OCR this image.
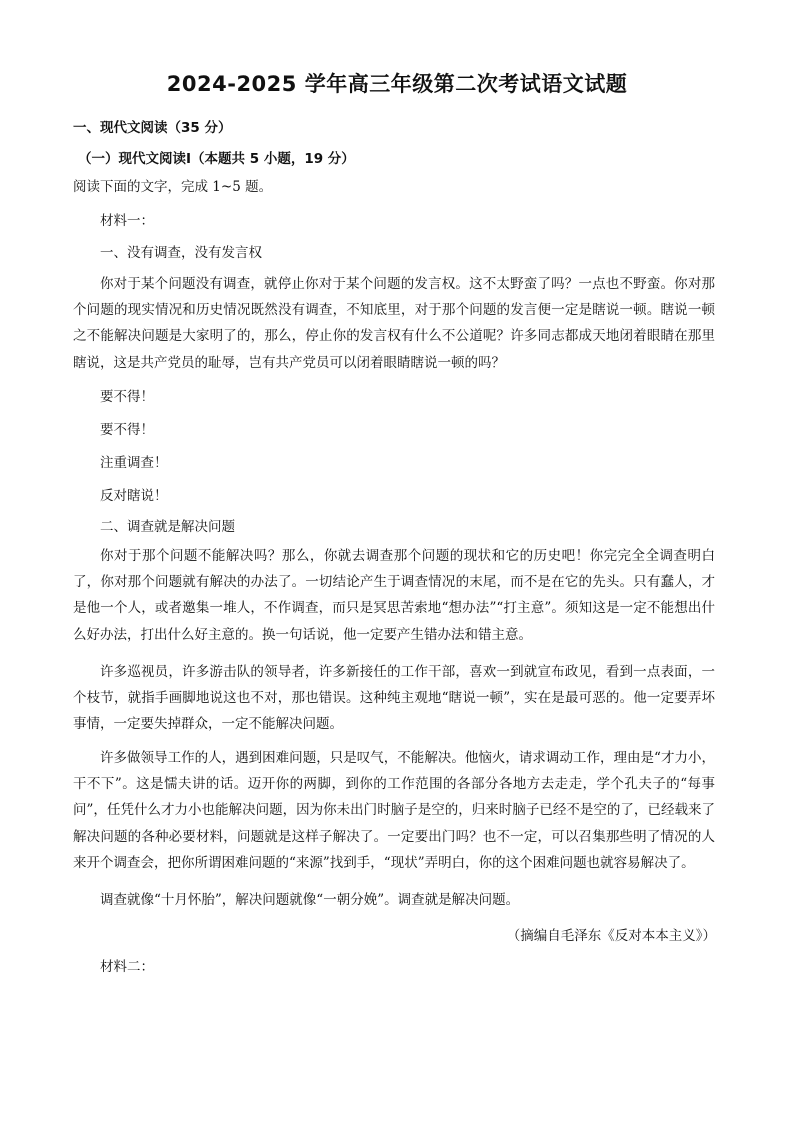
2024-2025 学年高三年级第二次考试语文试题
一、现代文阅读（35 分）
（一）现代文阅读Ⅰ（本题共 5 小题，19 分）
阅读下面的文字，完成 1~5 题。
材料一：
一、没有调查，没有发言权
你对于某个问题没有调查，就停止你对于某个问题的发言权。这不太野蛮了吗？一点也不野蛮。你对那个问题的现实情况和历史情况既然没有调查，不知底里，对于那个问题的发言便一定是瞎说一顿。瞎说一顿之不能解决问题是大家明了的，那么，停止你的发言权有什么不公道呢？许多同志都成天地闭着眼睛在那里瞎说，这是共产党员的耻辱，岂有共产党员可以闭着眼睛瞎说一顿的吗？
要不得！
要不得！
注重调查！
反对瞎说！
二、调查就是解决问题
你对于那个问题不能解决吗？那么，你就去调查那个问题的现状和它的历史吧！你完完全全调查明白了，你对那个问题就有解决的办法了。一切结论产生于调查情况的末尾，而不是在它的先头。只有蠢人，才是他一个人，或者邀集一堆人，不作调查，而只是冥思苦索地“想办法”“打主意”。须知这是一定不能想出什么好办法，打出什么好主意的。换一句话说，他一定要产生错办法和错主意。
许多巡视员，许多游击队的领导者，许多新接任的工作干部，喜欢一到就宣布政见，看到一点表面，一个枝节，就指手画脚地说这也不对，那也错误。这种纯主观地“瞎说一顿”，实在是最可恶的。他一定要弄坏事情，一定要失掉群众，一定不能解决问题。
许多做领导工作的人，遇到困难问题，只是叹气，不能解决。他恼火，请求调动工作，理由是“才力小，干不下”。这是懦夫讲的话。迈开你的两脚，到你的工作范围的各部分各地方去走走，学个孔夫子的“每事问”，任凭什么才力小也能解决问题，因为你未出门时脑子是空的，归来时脑子已经不是空的了，已经载来了解决问题的各种必要材料，问题就是这样子解决了。一定要出门吗？也不一定，可以召集那些明了情况的人来开个调查会，把你所谓困难问题的“来源”找到手，“现状”弄明白，你的这个困难问题也就容易解决了。
调查就像“十月怀胎”，解决问题就像“一朝分娩”。调查就是解决问题。
（摘编自毛泽东《反对本本主义》）
材料二：
